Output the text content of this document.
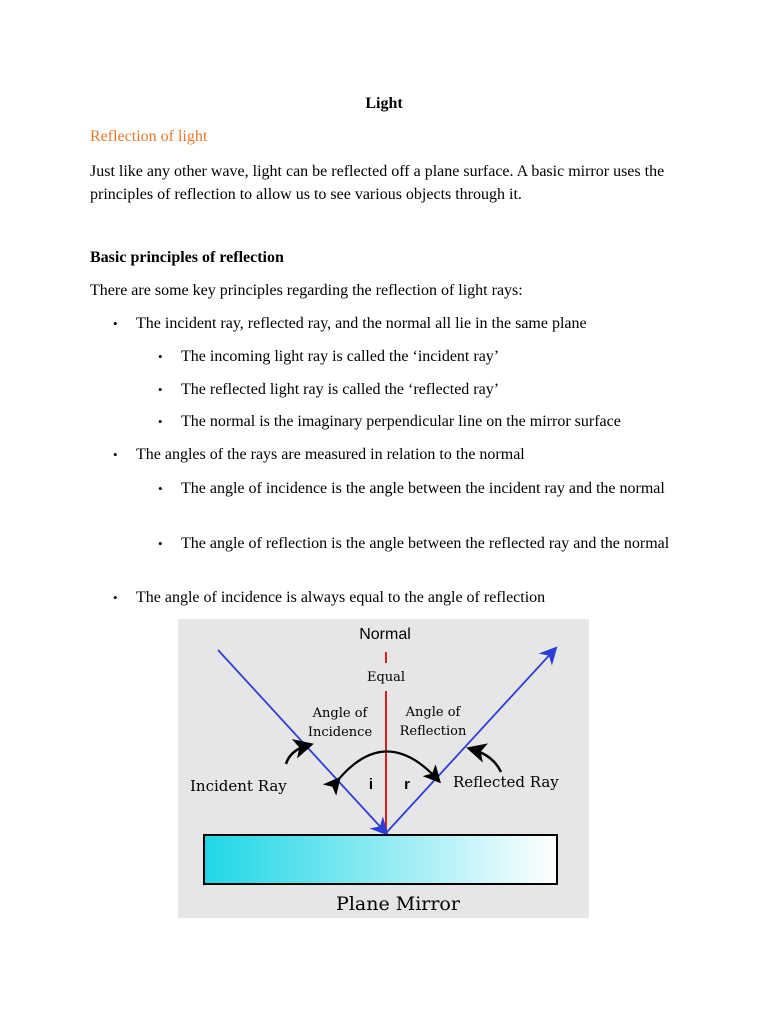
Light
Reflection of light
Just like any other wave, light can be reflected off a plane surface. A basic mirror uses the principles of reflection to allow us to see various objects through it.
Basic principles of reflection
There are some key principles regarding the reflection of light rays:
• The incident ray, reflected ray, and the normal all lie in the same plane
• The incoming light ray is called the ‘incident ray’
• The reflected light ray is called the ‘reflected ray’
• The normal is the imaginary perpendicular line on the mirror surface
• The angles of the rays are measured in relation to the normal
• The angle of incidence is the angle between the incident ray and the normal
• The angle of reflection is the angle between the reflected ray and the normal
• The angle of incidence is always equal to the angle of reflection
Normal
Equal
Angle of
Incidence
Angle of
Reflection
i r
Incident Ray	Reflected Ray
Plane Mirror
